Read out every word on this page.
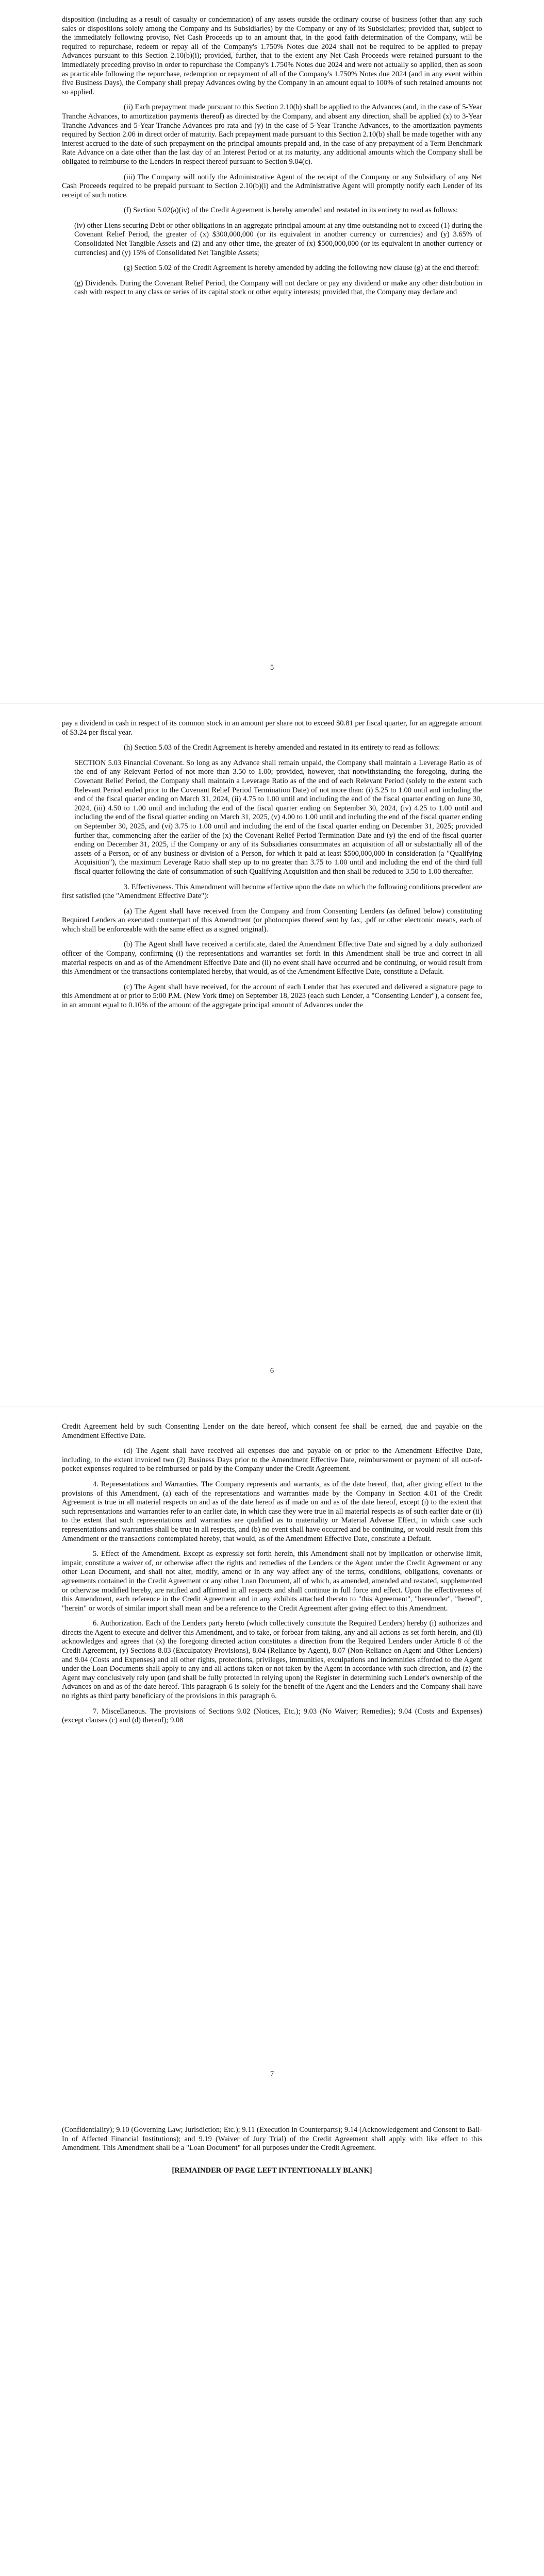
disposition (including as a result of casualty or condemnation) of any assets outside the ordinary course of business (other than any such sales or dispositions solely among the Company and its Subsidiaries) by the Company or any of its Subsidiaries; provided that, subject to the immediately following proviso, Net Cash Proceeds up to an amount that, in the good faith determination of the Company, will be required to repurchase, redeem or repay all of the Company's 1.750% Notes due 2024 shall not be required to be applied to prepay Advances pursuant to this Section 2.10(b)(i); provided, further, that to the extent any Net Cash Proceeds were retained pursuant to the immediately preceding proviso in order to repurchase the Company's 1.750% Notes due 2024 and were not actually so applied, then as soon as practicable following the repurchase, redemption or repayment of all of the Company's 1.750% Notes due 2024 (and in any event within five Business Days), the Company shall prepay Advances owing by the Company in an amount equal to 100% of such retained amounts not so applied.

(ii) Each prepayment made pursuant to this Section 2.10(b) shall be applied to the Advances (and, in the case of 5-Year Tranche Advances, to amortization payments thereof) as directed by the Company, and absent any direction, shall be applied (x) to 3-Year Tranche Advances and 5-Year Tranche Advances pro rata and (y) in the case of 5-Year Tranche Advances, to the amortization payments required by Section 2.06 in direct order of maturity. Each prepayment made pursuant to this Section 2.10(b) shall be made together with any interest accrued to the date of such prepayment on the principal amounts prepaid and, in the case of any prepayment of a Term Benchmark Rate Advance on a date other than the last day of an Interest Period or at its maturity, any additional amounts which the Company shall be obligated to reimburse to the Lenders in respect thereof pursuant to Section 9.04(c).

(iii) The Company will notify the Administrative Agent of the receipt of the Company or any Subsidiary of any Net Cash Proceeds required to be prepaid pursuant to Section 2.10(b)(i) and the Administrative Agent will promptly notify each Lender of its receipt of such notice.

(f) Section 5.02(a)(iv) of the Credit Agreement is hereby amended and restated in its entirety to read as follows:

(iv) other Liens securing Debt or other obligations in an aggregate principal amount at any time outstanding not to exceed (1) during the Covenant Relief Period, the greater of (x) $300,000,000 (or its equivalent in another currency or currencies) and (y) 3.65% of Consolidated Net Tangible Assets and (2) and any other time, the greater of (x) $500,000,000 (or its equivalent in another currency or currencies) and (y) 15% of Consolidated Net Tangible Assets;

(g) Section 5.02 of the Credit Agreement is hereby amended by adding the following new clause (g) at the end thereof:

(g) Dividends. During the Covenant Relief Period, the Company will not declare or pay any dividend or make any other distribution in cash with respect to any class or series of its capital stock or other equity interests; provided that, the Company may declare and

5

pay a dividend in cash in respect of its common stock in an amount per share not to exceed $0.81 per fiscal quarter, for an aggregate amount of $3.24 per fiscal year.

(h) Section 5.03 of the Credit Agreement is hereby amended and restated in its entirety to read as follows:

SECTION 5.03 Financial Covenant. So long as any Advance shall remain unpaid, the Company shall maintain a Leverage Ratio as of the end of any Relevant Period of not more than 3.50 to 1.00; provided, however, that notwithstanding the foregoing, during the Covenant Relief Period, the Company shall maintain a Leverage Ratio as of the end of each Relevant Period (solely to the extent such Relevant Period ended prior to the Covenant Relief Period Termination Date) of not more than: (i) 5.25 to 1.00 until and including the end of the fiscal quarter ending on March 31, 2024, (ii) 4.75 to 1.00 until and including the end of the fiscal quarter ending on June 30, 2024, (iii) 4.50 to 1.00 until and including the end of the fiscal quarter ending on September 30, 2024, (iv) 4.25 to 1.00 until and including the end of the fiscal quarter ending on March 31, 2025, (v) 4.00 to 1.00 until and including the end of the fiscal quarter ending on September 30, 2025, and (vi) 3.75 to 1.00 until and including the end of the fiscal quarter ending on December 31, 2025; provided further that, commencing after the earlier of the (x) the Covenant Relief Period Termination Date and (y) the end of the fiscal quarter ending on December 31, 2025, if the Company or any of its Subsidiaries consummates an acquisition of all or substantially all of the assets of a Person, or of any business or division of a Person, for which it paid at least $500,000,000 in consideration (a "Qualifying Acquisition"), the maximum Leverage Ratio shall step up to no greater than 3.75 to 1.00 until and including the end of the third full fiscal quarter following the date of consummation of such Qualifying Acquisition and then shall be reduced to 3.50 to 1.00 thereafter.

3. Effectiveness. This Amendment will become effective upon the date on which the following conditions precedent are first satisfied (the "Amendment Effective Date"):

(a) The Agent shall have received from the Company and from Consenting Lenders (as defined below) constituting Required Lenders an executed counterpart of this Amendment (or photocopies thereof sent by fax, .pdf or other electronic means, each of which shall be enforceable with the same effect as a signed original).

(b) The Agent shall have received a certificate, dated the Amendment Effective Date and signed by a duly authorized officer of the Company, confirming (i) the representations and warranties set forth in this Amendment shall be true and correct in all material respects on and as of the Amendment Effective Date and (ii) no event shall have occurred and be continuing, or would result from this Amendment or the transactions contemplated hereby, that would, as of the Amendment Effective Date, constitute a Default.

(c) The Agent shall have received, for the account of each Lender that has executed and delivered a signature page to this Amendment at or prior to 5:00 P.M. (New York time) on September 18, 2023 (each such Lender, a "Consenting Lender"), a consent fee, in an amount equal to 0.10% of the amount of the aggregate principal amount of Advances under the

6

Credit Agreement held by such Consenting Lender on the date hereof, which consent fee shall be earned, due and payable on the Amendment Effective Date.

(d) The Agent shall have received all expenses due and payable on or prior to the Amendment Effective Date, including, to the extent invoiced two (2) Business Days prior to the Amendment Effective Date, reimbursement or payment of all out-of-pocket expenses required to be reimbursed or paid by the Company under the Credit Agreement.

4. Representations and Warranties. The Company represents and warrants, as of the date hereof, that, after giving effect to the provisions of this Amendment, (a) each of the representations and warranties made by the Company in Section 4.01 of the Credit Agreement is true in all material respects on and as of the date hereof as if made on and as of the date hereof, except (i) to the extent that such representations and warranties refer to an earlier date, in which case they were true in all material respects as of such earlier date or (ii) to the extent that such representations and warranties are qualified as to materiality or Material Adverse Effect, in which case such representations and warranties shall be true in all respects, and (b) no event shall have occurred and be continuing, or would result from this Amendment or the transactions contemplated hereby, that would, as of the Amendment Effective Date, constitute a Default.

5. Effect of the Amendment. Except as expressly set forth herein, this Amendment shall not by implication or otherwise limit, impair, constitute a waiver of, or otherwise affect the rights and remedies of the Lenders or the Agent under the Credit Agreement or any other Loan Document, and shall not alter, modify, amend or in any way affect any of the terms, conditions, obligations, covenants or agreements contained in the Credit Agreement or any other Loan Document, all of which, as amended, amended and restated, supplemented or otherwise modified hereby, are ratified and affirmed in all respects and shall continue in full force and effect. Upon the effectiveness of this Amendment, each reference in the Credit Agreement and in any exhibits attached thereto to "this Agreement", "hereunder", "hereof", "herein" or words of similar import shall mean and be a reference to the Credit Agreement after giving effect to this Amendment.

6. Authorization. Each of the Lenders party hereto (which collectively constitute the Required Lenders) hereby (i) authorizes and directs the Agent to execute and deliver this Amendment, and to take, or forbear from taking, any and all actions as set forth herein, and (ii) acknowledges and agrees that (x) the foregoing directed action constitutes a direction from the Required Lenders under Article 8 of the Credit Agreement, (y) Sections 8.03 (Exculpatory Provisions), 8.04 (Reliance by Agent), 8.07 (Non-Reliance on Agent and Other Lenders) and 9.04 (Costs and Expenses) and all other rights, protections, privileges, immunities, exculpations and indemnities afforded to the Agent under the Loan Documents shall apply to any and all actions taken or not taken by the Agent in accordance with such direction, and (z) the Agent may conclusively rely upon (and shall be fully protected in relying upon) the Register in determining such Lender's ownership of the Advances on and as of the date hereof. This paragraph 6 is solely for the benefit of the Agent and the Lenders and the Company shall have no rights as third party beneficiary of the provisions in this paragraph 6.

7. Miscellaneous. The provisions of Sections 9.02 (Notices, Etc.); 9.03 (No Waiver; Remedies); 9.04 (Costs and Expenses) (except clauses (c) and (d) thereof); 9.08

7

(Confidentiality); 9.10 (Governing Law; Jurisdiction; Etc.); 9.11 (Execution in Counterparts); 9.14 (Acknowledgement and Consent to Bail-In of Affected Financial Institutions); and 9.19 (Waiver of Jury Trial) of the Credit Agreement shall apply with like effect to this Amendment. This Amendment shall be a "Loan Document" for all purposes under the Credit Agreement.

[REMAINDER OF PAGE LEFT INTENTIONALLY BLANK]
